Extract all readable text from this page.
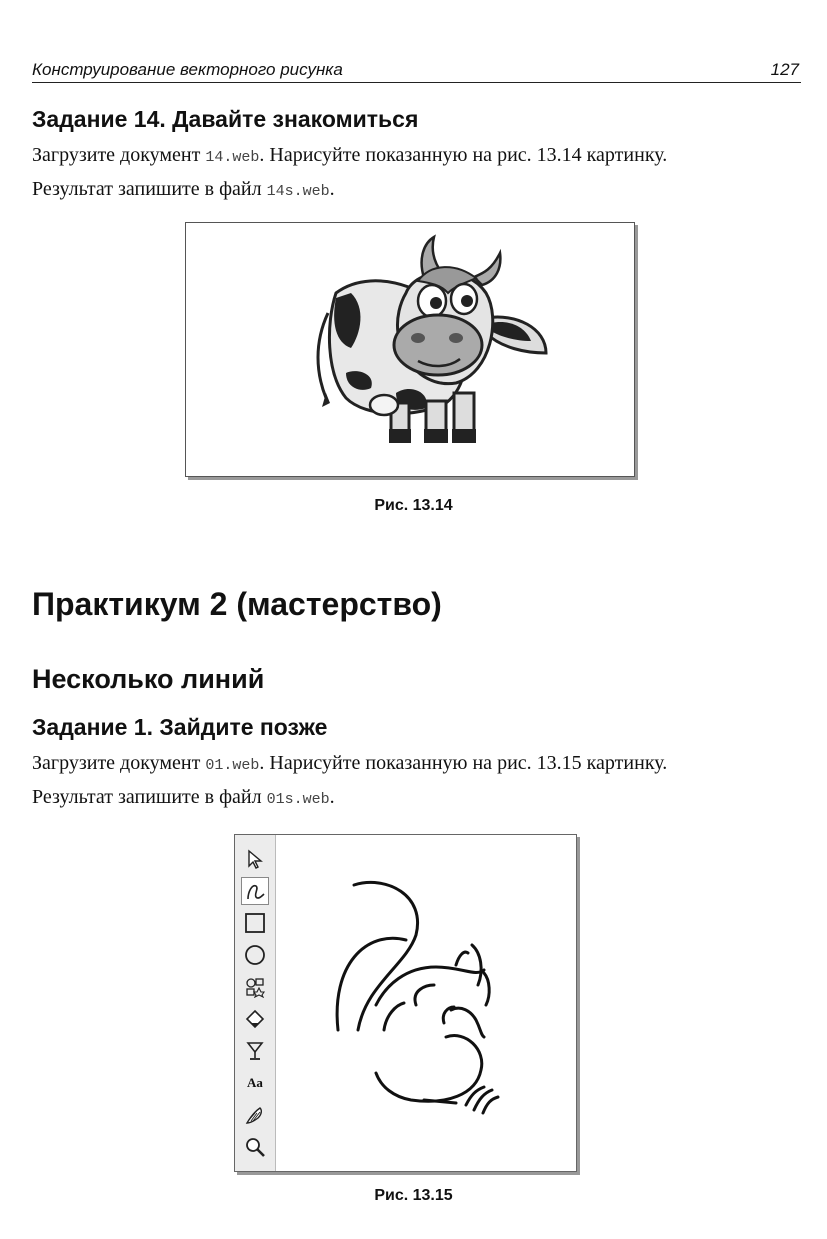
Конструирование векторного рисунка	127
Задание 14. Давайте знакомиться
Загрузите документ 14.web. Нарисуйте показанную на рис. 13.14 картинку.
Результат запишите в файл 14s.web.
Рис. 13.14
Практикум 2 (мастерство)
Несколько линий
Задание 1. Зайдите позже
Загрузите документ 01.web. Нарисуйте показанную на рис. 13.15 картинку.
Результат запишите в файл 01s.web.
Aa
Рис. 13.15
